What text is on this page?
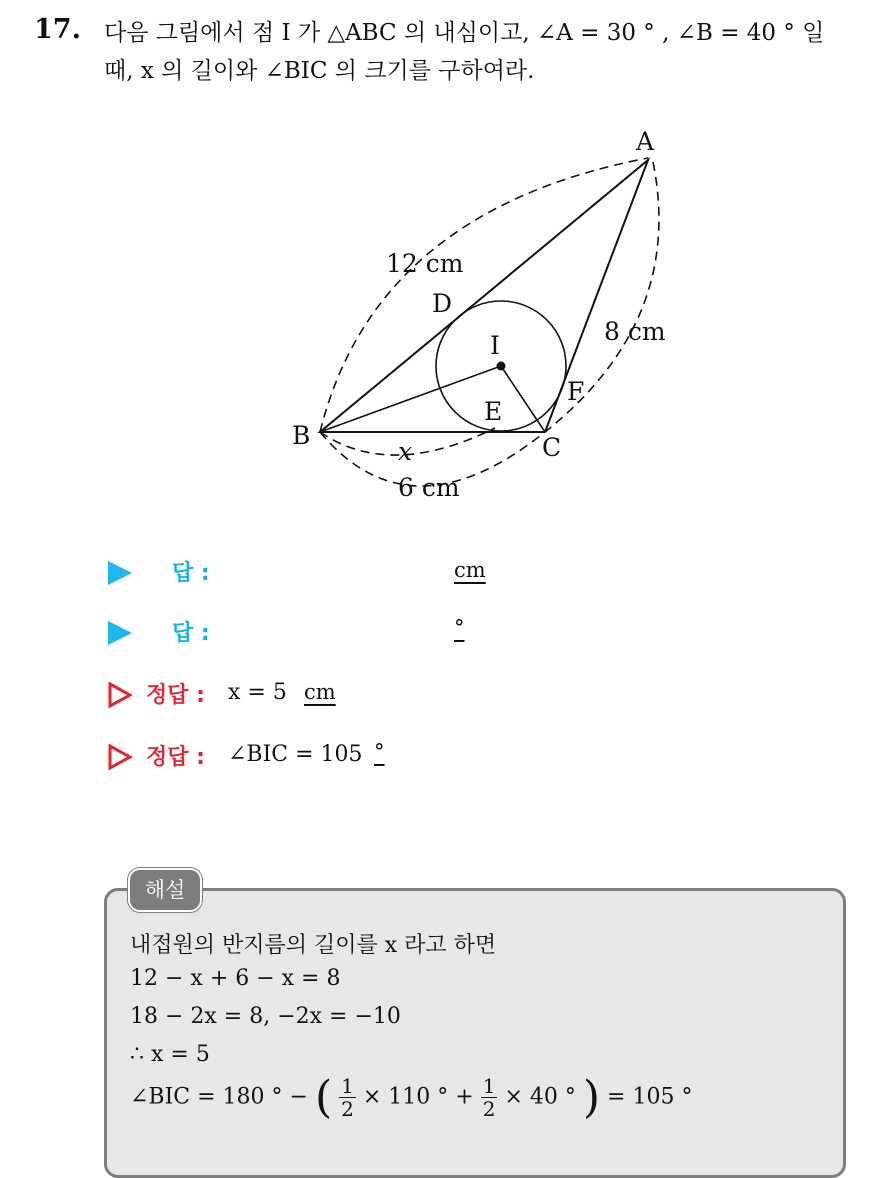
17. 다음 그림에서 점 I 가 △ABC 의 내심이고, ∠A = 30 ° , ∠B = 40 ° 일
때, x 의 길이와 ∠BIC 의 크기를 구하여라.
A
B	C
D
E
F
I
12 cm
8 cm
6 cm
x
답 :	cm
답 :	°
정답 : x = 5 cm
정답 : ∠BIC = 105 °
해설
내접원의 반지름의 길이를 x 라고 하면
12 − x + 6 − x = 8
18 − 2x = 8, −2x = −10
∴ x = 5
∠BIC = 180 ° − ( $\frac{1}{2} \times 110$ ° + $\frac{1}{2} \times 40$ ° ) = 105 °
